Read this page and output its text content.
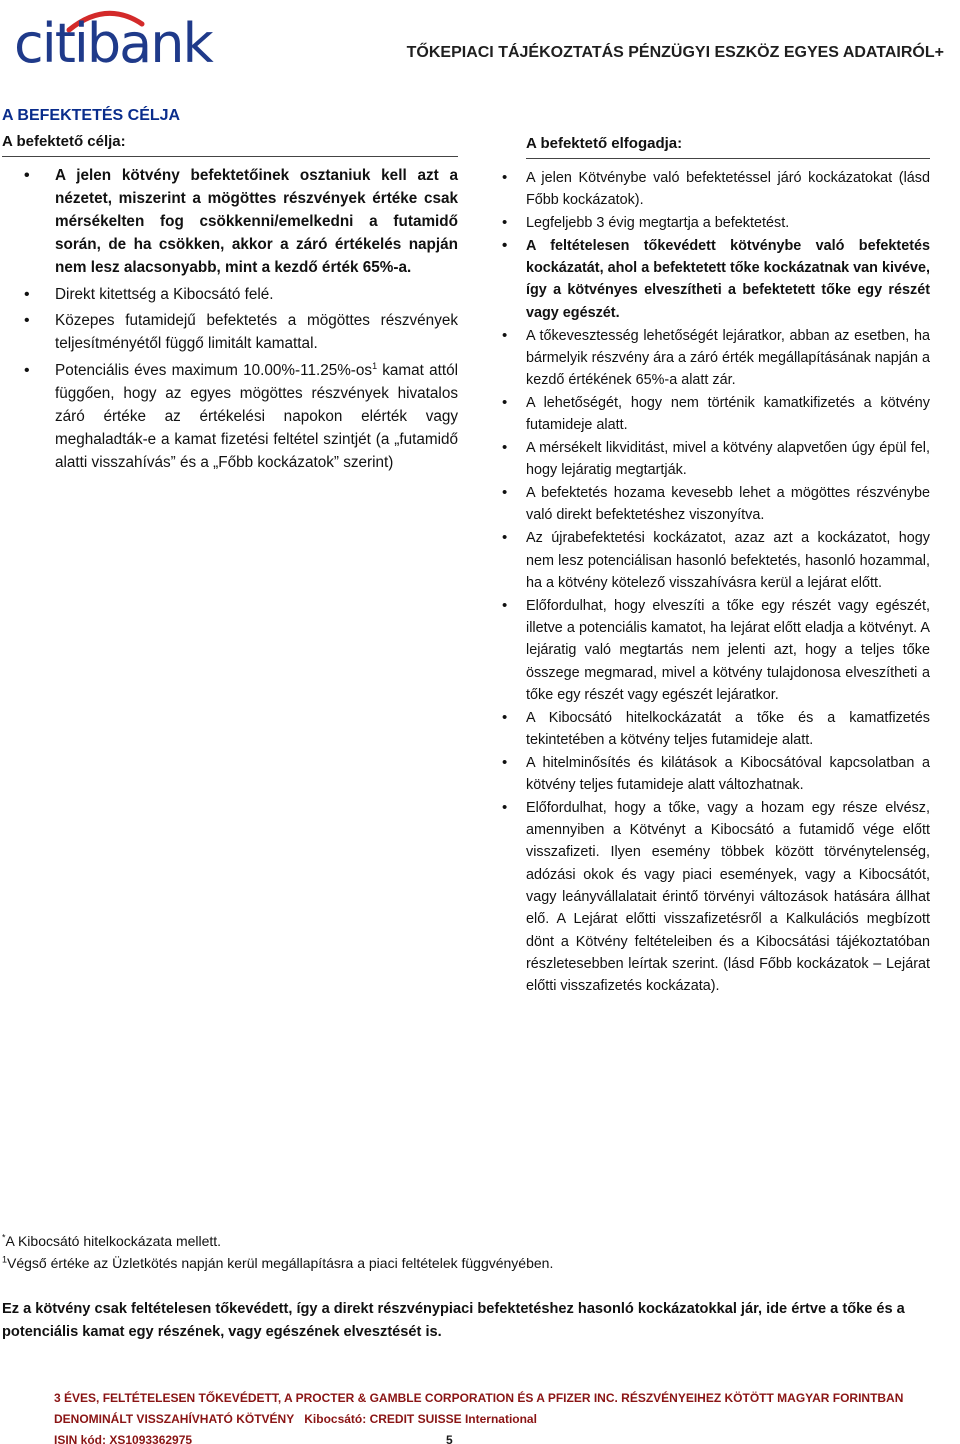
citibank	TŐKEPIACI TÁJÉKOZTATÁS PÉNZÜGYI ESZKÖZ EGYES ADATAIRÓL+
A BEFEKTETÉS CÉLJA
A befektető célja:
• A jelen kötvény befektetőinek osztaniuk kell azt a nézetet, miszerint a mögöttes részvények értéke csak mérsékelten fog csökkenni/emelkedni a futamidő során, de ha csökken, akkor a záró értékelés napján nem lesz alacsonyabb, mint a kezdő érték 65%-a.
• Direkt kitettség a Kibocsátó felé.
• Közepes futamidejű befektetés a mögöttes részvények teljesítményétől függő limitált kamattal.
• Potenciális éves maximum $10.00\%-11.25\%-os^1$ kamat attól függően, hogy az egyes mögöttes részvények hivatalos záró értéke az értékelési napokon elérték vagy meghaladták-e a kamat fizetési feltétel szintjét (a „futamidő alatti visszahívás” és a „Főbb kockázatok” szerint)
A befektető elfogadja:
• A jelen Kötvénybe való befektetéssel járó kockázatokat (lásd Főbb kockázatok).
• Legfeljebb 3 évig megtartja a befektetést.
• A feltételesen tőkevédett kötvénybe való befektetés kockázatát, ahol a befektetett tőke kockázatnak van kivéve, így a kötvényes elveszítheti a befektetett tőke egy részét vagy egészét.
• A tőkevesztesség lehetőségét lejáratkor, abban az esetben, ha bármelyik részvény ára a záró érték megállapításának napján a kezdő értékének 65%-a alatt zár.
• A lehetőségét, hogy nem történik kamatkifizetés a kötvény futamideje alatt.
• A mérsékelt likviditást, mivel a kötvény alapvetően úgy épül fel, hogy lejáratig megtartják.
• A befektetés hozama kevesebb lehet a mögöttes részvénybe való direkt befektetéshez viszonyítva.
• Az újrabefektetési kockázatot, azaz azt a kockázatot, hogy nem lesz potenciálisan hasonló befektetés, hasonló hozammal, ha a kötvény kötelező visszahívásra kerül a lejárat előtt.
• Előfordulhat, hogy elveszíti a tőke egy részét vagy egészét, illetve a potenciális kamatot, ha lejárat előtt eladja a kötvényt. A lejáratig való megtartás nem jelenti azt, hogy a teljes tőke összege megmarad, mivel a kötvény tulajdonosa elveszítheti a tőke egy részét vagy egészét lejáratkor.
• A Kibocsátó hitelkockázatát a tőke és a kamatfizetés tekintetében a kötvény teljes futamideje alatt.
• A hitelminősítés és kilátások a Kibocsátóval kapcsolatban a kötvény teljes futamideje alatt változhatnak.
• Előfordulhat, hogy a tőke, vagy a hozam egy része elvész, amennyiben a Kötvényt a Kibocsátó a futamidő vége előtt visszafizeti. Ilyen esemény többek között törvénytelenség, adózási okok és vagy piaci események, vagy a Kibocsátót, vagy leányvállalatait érintő törvényi változások hatására állhat elő. A Lejárat előtti visszafizetésről a Kalkulációs megbízott dönt a Kötvény feltételeiben és a Kibocsátási tájékoztatóban részletesebben leírtak szerint. (lásd Főbb kockázatok – Lejárat előtti visszafizetés kockázata).
*A Kibocsátó hitelkockázata mellett.
$^1$Végső értéke az Üzletkötés napján kerül megállapításra a piaci feltételek függvényében.
Ez a kötvény csak feltételesen tőkevédett, így a direkt részvénypiaci befektetéshez hasonló kockázatokkal jár, ide értve a tőke és a potenciális kamat egy részének, vagy egészének elvesztését is.
3 ÉVES, FELTÉTELESEN TŐKEVÉDETT, A PROCTER & GAMBLE CORPORATION ÉS A PFIZER INC. RÉSZVÉNYEIHEZ KÖTÖTT MAGYAR FORINTBAN
DENOMINÁLT VISSZAHÍVHATÓ KÖTVÉNY Kibocsátó: CREDIT SUISSE International
ISIN kód: XS1093362975	5
